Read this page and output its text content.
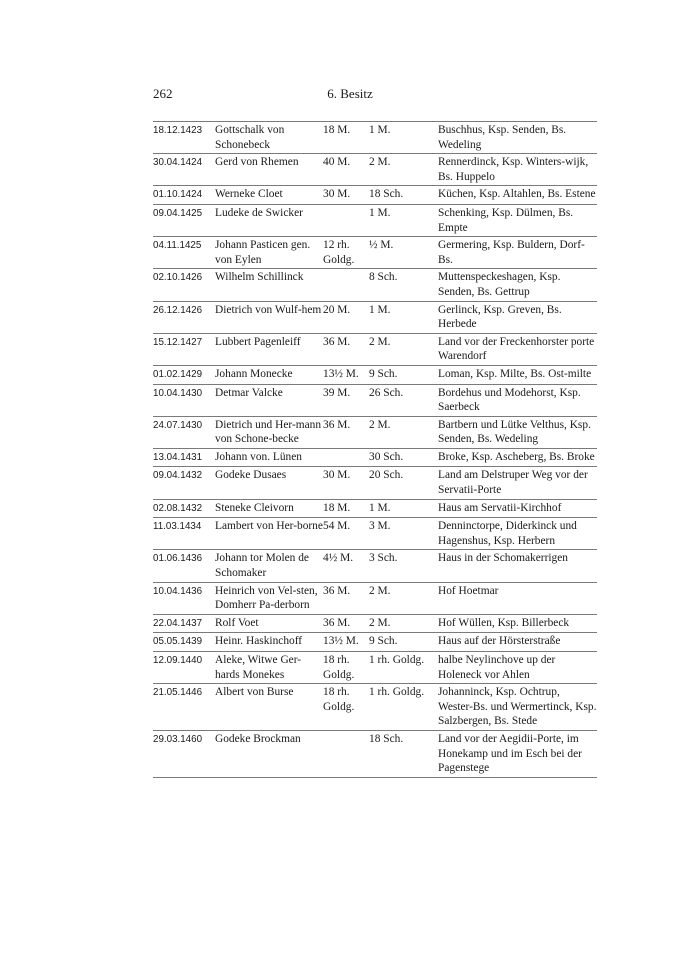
262	6. Besitz
18.12.1423	Gottschalk von Schonebeck	18 M.	1 M.	Buschhus, Ksp. Senden, Bs. Wedeling
30.04.1424	Gerd von Rhemen	40 M.	2 M.	Rennerdinck, Ksp. Winters-wijk, Bs. Huppelo
01.10.1424	Werneke Cloet	30 M.	18 Sch.	Küchen, Ksp. Altahlen, Bs. Estene
09.04.1425	Ludeke de Swicker		1 M.	Schenking, Ksp. Dülmen, Bs. Empte
04.11.1425	Johann Pasticen gen. von Eylen	12 rh. Goldg.	½ M.	Germering, Ksp. Buldern, Dorf-Bs.
02.10.1426	Wilhelm Schillinck		8 Sch.	Muttenspeckeshagen, Ksp. Senden, Bs. Gettrup
26.12.1426	Dietrich von Wulf-hem	20 M.	1 M.	Gerlinck, Ksp. Greven, Bs. Herbede
15.12.1427	Lubbert Pagenleiff	36 M.	2 M.	Land vor der Freckenhorster porte Warendorf
01.02.1429	Johann Monecke	13½ M.	9 Sch.	Loman, Ksp. Milte, Bs. Ost-milte
10.04.1430	Detmar Valcke	39 M.	26 Sch.	Bordehus und Modehorst, Ksp. Saerbeck
24.07.1430	Dietrich und Her-mann von Schone-becke	36 M.	2 M.	Bartbern und Lütke Velthus, Ksp. Senden, Bs. Wedeling
13.04.1431	Johann von. Lünen		30 Sch.	Broke, Ksp. Ascheberg, Bs. Broke
09.04.1432	Godeke Dusaes	30 M.	20 Sch.	Land am Delstruper Weg vor der Servatii-Porte
02.08.1432	Steneke Cleivorn	18 M.	1 M.	Haus am Servatii-Kirchhof
11.03.1434	Lambert von Her-borne	54 M.	3 M.	Denninctorpe, Diderkinck und Hagenshus, Ksp. Herbern
01.06.1436	Johann tor Molen de Schomaker	4½ M.	3 Sch.	Haus in der Schomakerrigen
10.04.1436	Heinrich von Vel-sten, Domherr Pa-derborn	36 M.	2 M.	Hof Hoetmar
22.04.1437	Rolf Voet	36 M.	2 M.	Hof Wüllen, Ksp. Billerbeck
05.05.1439	Heinr. Haskinchoff	13½ M.	9 Sch.	Haus auf der Hörsterstraße
12.09.1440	Aleke, Witwe Ger-hards Monekes	18 rh. Goldg.	1 rh. Goldg.	halbe Neylinchove up der Holeneck vor Ahlen
21.05.1446	Albert von Burse	18 rh. Goldg.	1 rh. Goldg.	Johanninck, Ksp. Ochtrup, Wester-Bs. und Wermertinck, Ksp. Salzbergen, Bs. Stede
29.03.1460	Godeke Brockman		18 Sch.	Land vor der Aegidii-Porte, im Honekamp und im Esch bei der Pagenstege
